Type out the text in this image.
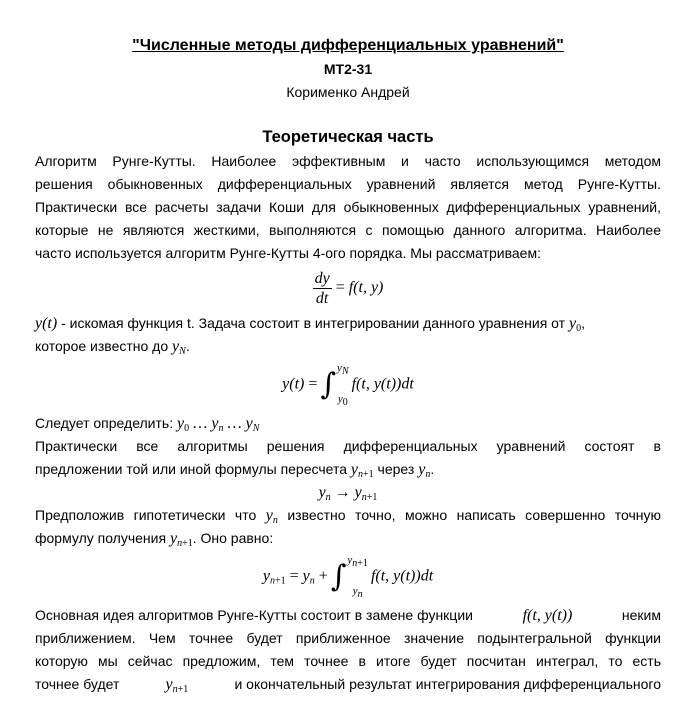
"Численные методы дифференциальных уравнений"
МТ2-31
Корименко Андрей
Теоретическая часть
Алгоритм Рунге-Кутты. Наиболее эффективным и часто использующимся методом
решения обыкновенных дифференциальных уравнений является метод Рунге-Кутты.
Практически все расчеты задачи Коши для обыкновенных дифференциальных уравнений,
которые не являются жесткими, выполняются с помощью данного алгоритма. Наиболее
часто используется алгоритм Рунге-Кутты 4-ого порядка. Мы рассматриваем:
$\frac{dy}{dt} = f(t$, y)
y(t) - искомая функция t. Задача состоит в интегрировании данного уравнения от $y_0$,
которое известно до $y_N$.
y(t) = ∫ $y_N$
$y_0$
f(t, y(t))dt
Следует определить: $y_0$ … $y_n$ … $y_N$
Практически все алгоритмы решения дифференциальных уравнений состоят в
предложении той или иной формулы пересчета $y_{n+1}$ через $y_n$.
$y_n \to y_{n+1}$
Предположив гипотетически что $y_n$ известно точно, можно написать совершенно точную
формулу получения $y_{n+1}$. Оно равно:
$y_{n+1} = y_n$ + ∫ $y_{n+1}$
$y_n$
f(t, y(t))dt
Основная идея алгоритмов Рунге-Кутты состоит в замене функции	f(t, y(t))	неким
приближением. Чем точнее будет приближенное значение подынтегральной функции
которую мы сейчас предложим, тем точнее в итоге будет посчитан интеграл, то есть
точнее будет	$y_{n+1}$	и окончательный результат интегрирования дифференциального
